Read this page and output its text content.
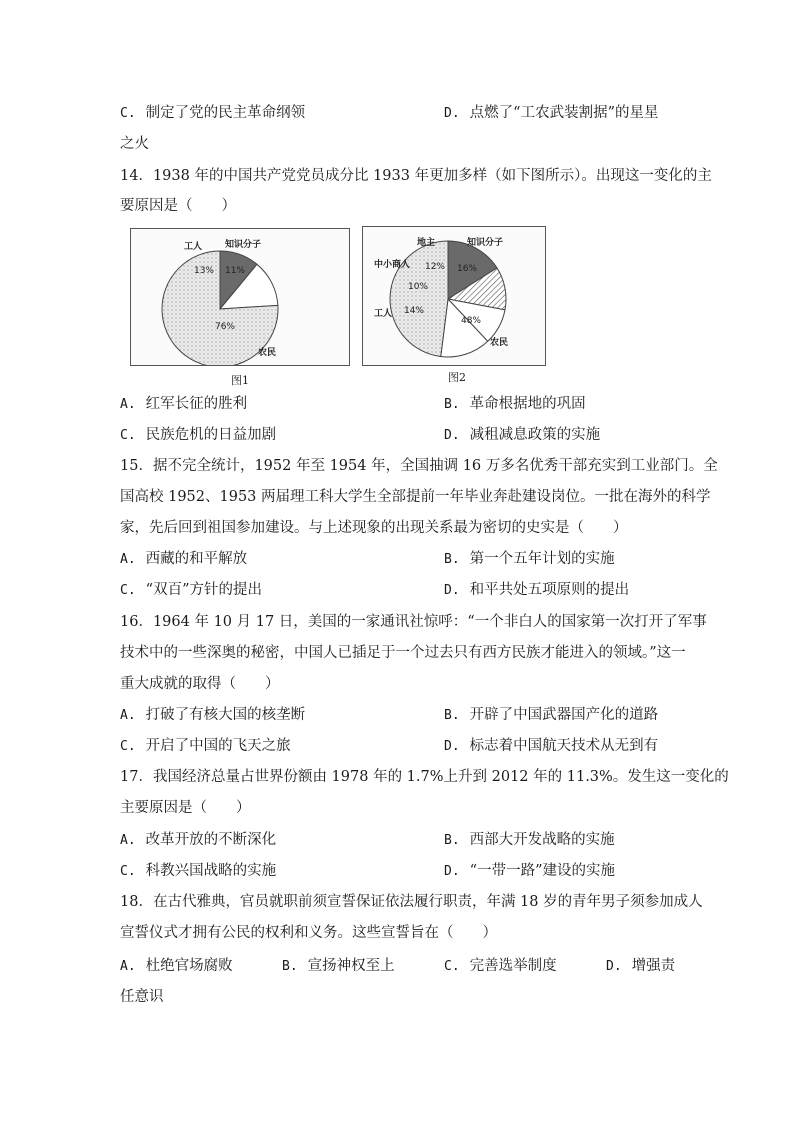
C. 制定了党的民主革命纲领	D. 点燃了“工农武装割据”的星星
之火
14．1938 年的中国共产党党员成分比 1933 年更加多样（如下图所示）。出现这一变化的主
要原因是（　　）
11%
13%
76%
知识分子
工人
农民
图1
16%
12%
10%
14%
48%
知识分子
地主
中小商人
工人
农民
图2
A. 红军长征的胜利	B. 革命根据地的巩固
C. 民族危机的日益加剧	D. 减租减息政策的实施
15．据不完全统计，1952 年至 1954 年，全国抽调 16 万多名优秀干部充实到工业部门。全
国高校 1952、1953 两届理工科大学生全部提前一年毕业奔赴建设岗位。一批在海外的科学
家，先后回到祖国参加建设。与上述现象的出现关系最为密切的史实是（　　）
A. 西藏的和平解放	B. 第一个五年计划的实施
C. “双百”方针的提出	D. 和平共处五项原则的提出
16．1964 年 10 月 17 日，美国的一家通讯社惊呼：“一个非白人的国家第一次打开了军事
技术中的一些深奥的秘密，中国人已插足于一个过去只有西方民族才能进入的领域。”这一
重大成就的取得（　　）
A. 打破了有核大国的核垄断	B. 开辟了中国武器国产化的道路
C. 开启了中国的飞天之旅	D. 标志着中国航天技术从无到有
17．我国经济总量占世界份额由 1978 年的 1.7%上升到 2012 年的 11.3%。发生这一变化的
主要原因是（　　）
A. 改革开放的不断深化	B. 西部大开发战略的实施
C. 科教兴国战略的实施	D. “一带一路”建设的实施
18．在古代雅典，官员就职前须宣誓保证依法履行职责，年满 18 岁的青年男子须参加成人
宣誓仪式才拥有公民的权利和义务。这些宣誓旨在（　　）
A. 杜绝官场腐败	B. 宣扬神权至上	C. 完善选举制度	D. 增强责
任意识
